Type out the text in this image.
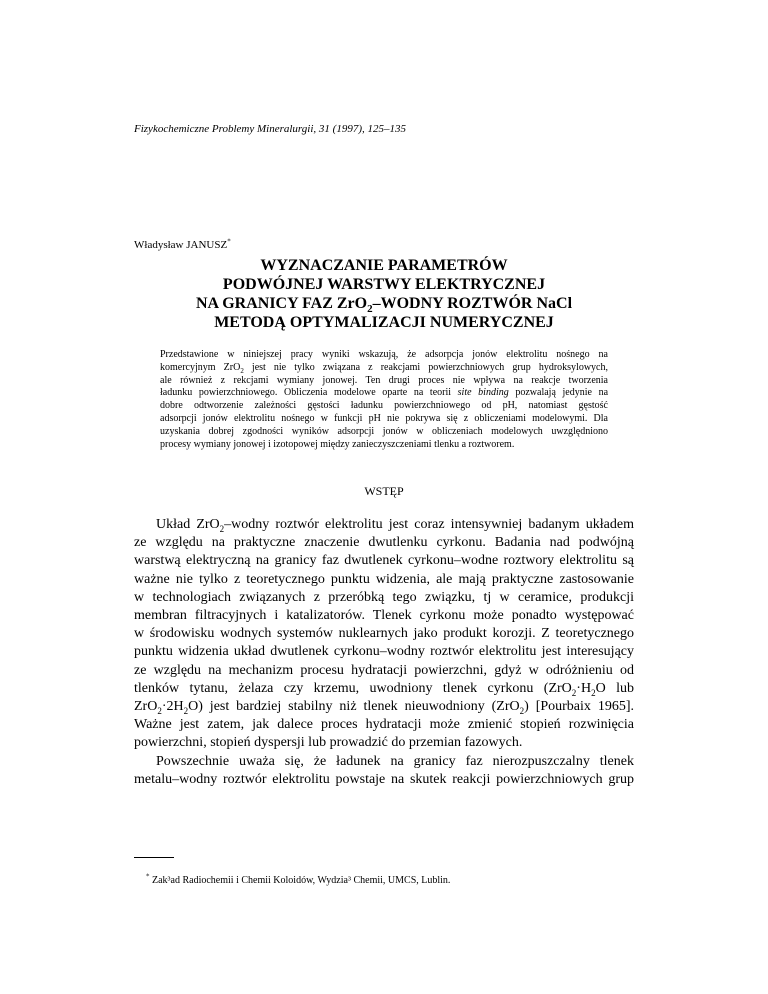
Fizykochemiczne Problemy Mineralurgii, 31 (1997), 125–135
Władysław JANUSZ*
WYZNACZANIE PARAMETRÓW
PODWÓJNEJ WARSTWY ELEKTRYCZNEJ
NA GRANICY FAZ ZrO$_2$–WODNY ROZTWÓR NaCl
METODĄ OPTYMALIZACJI NUMERYCZNEJ
Przedstawione w niniejszej pracy wyniki wskazują, że adsorpcja jonów elektrolitu nośnego na
komercyjnym ZrO$_2$ jest nie tylko związana z reakcjami powierzchniowych grup hydroksylowych,
ale również z rekcjami wymiany jonowej. Ten drugi proces nie wpływa na reakcje tworzenia
ładunku powierzchniowego. Obliczenia modelowe oparte na teorii site binding pozwalają jedynie na
dobre odtworzenie zależności gęstości ładunku powierzchniowego od pH, natomiast gęstość
adsorpcji jonów elektrolitu nośnego w funkcji pH nie pokrywa się z obliczeniami modelowymi. Dla
uzyskania dobrej zgodności wyników adsorpcji jonów w obliczeniach modelowych uwzględniono
procesy wymiany jonowej i izotopowej między zanieczyszczeniami tlenku a roztworem.
WSTĘP
Układ ZrO$_2$–wodny roztwór elektrolitu jest coraz intensywniej badanym układem
ze względu na praktyczne znaczenie dwutlenku cyrkonu. Badania nad podwójną
warstwą elektryczną na granicy faz dwutlenek cyrkonu–wodne roztwory elektrolitu są
ważne nie tylko z teoretycznego punktu widzenia, ale mają praktyczne zastosowanie
w technologiach związanych z przeróbką tego związku, tj w ceramice, produkcji
membran filtracyjnych i katalizatorów. Tlenek cyrkonu może ponadto występować
w środowisku wodnych systemów nuklearnych jako produkt korozji. Z teoretycznego
punktu widzenia układ dwutlenek cyrkonu–wodny roztwór elektrolitu jest interesujący
ze względu na mechanizm procesu hydratacji powierzchni, gdyż w odróżnieniu od
tlenków tytanu, żelaza czy krzemu, uwodniony tlenek cyrkonu ($ZrO_2\cdot H_2O$ lub
$ZrO_2\cdot 2H_2O$) jest bardziej stabilny niż tlenek nieuwodniony (ZrO$_2$) [Pourbaix 1965].
Ważne jest zatem, jak dalece proces hydratacji może zmienić stopień rozwinięcia
powierzchni, stopień dyspersji lub prowadzić do przemian fazowych.
Powszechnie uważa się, że ładunek na granicy faz nierozpuszczalny tlenek
metalu–wodny roztwór elektrolitu powstaje na skutek reakcji powierzchniowych grup
* Zak³ad Radiochemii i Chemii Koloidów, Wydzia³ Chemii, UMCS, Lublin.
